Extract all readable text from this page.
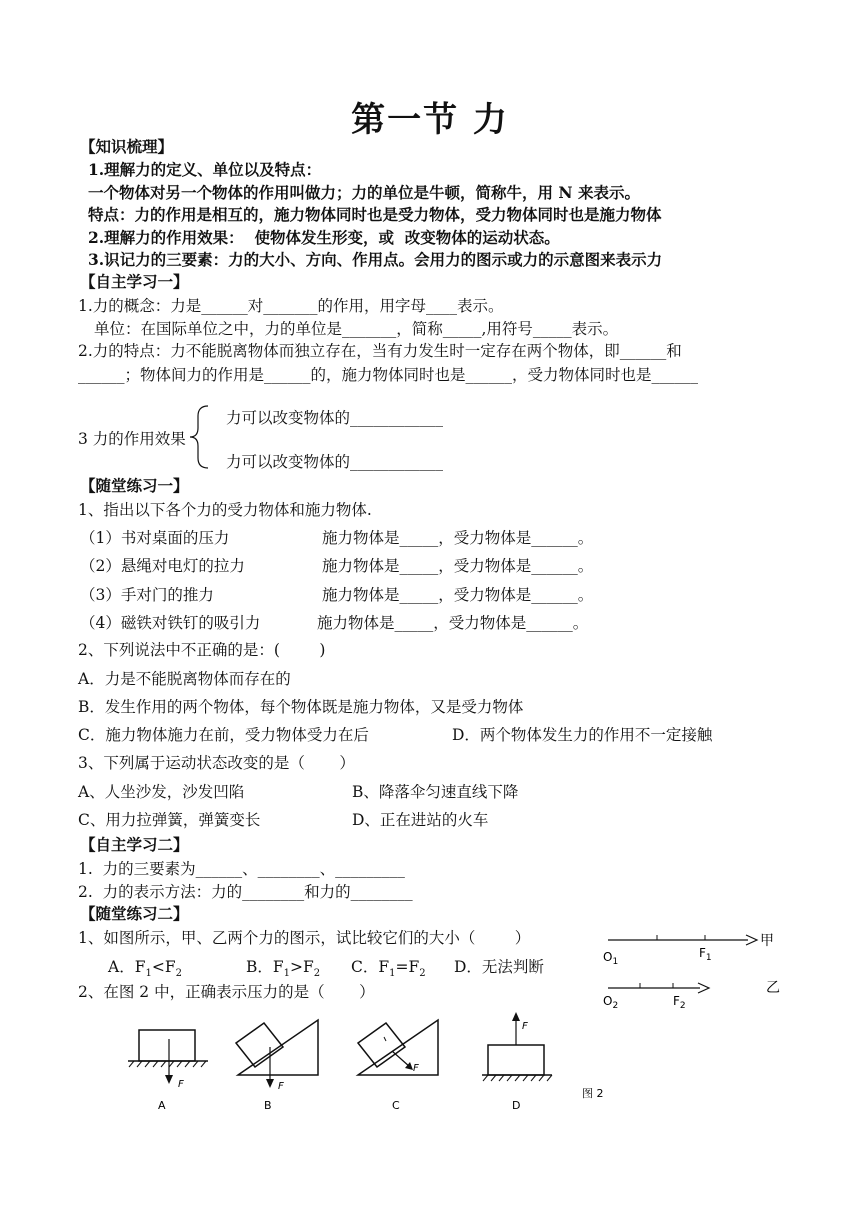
第一节 力
【知识梳理】
1.理解力的定义、单位以及特点：
一个物体对另一个物体的作用叫做力；力的单位是牛顿，简称牛，用 N 来表示。
特点：力的作用是相互的，施力物体同时也是受力物体，受力物体同时也是施力物体
2.理解力的作用效果：  使物体发生形变，或  改变物体的运动状态。
3.识记力的三要素：力的大小、方向、作用点。会用力的图示或力的示意图来表示力
【自主学习一】
1.力的概念：力是______对_______的作用，用字母____表示。
单位：在国际单位之中，力的单位是_______，简称_____,用符号_____表示。
2.力的特点：力不能脱离物体而独立存在，当有力发生时一定存在两个物体，即______和
______；物体间力的作用是______的，施力物体同时也是______，受力物体同时也是______
3 力的作用效果
力可以改变物体的____________
力可以改变物体的____________
【随堂练习一】
1、指出以下各个力的受力物体和施力物体.
（1）书对桌面的压力	施力物体是_____，受力物体是______。
（2）悬绳对电灯的拉力	施力物体是_____，受力物体是______。
（3）手对门的推力	施力物体是_____，受力物体是______。
（4）磁铁对铁钉的吸引力	施力物体是_____，受力物体是______。
2、下列说法中不正确的是：(        )
A．力是不能脱离物体而存在的
B．发生作用的两个物体，每个物体既是施力物体，又是受力物体
C．施力物体施力在前，受力物体受力在后	D．两个物体发生力的作用不一定接触
3、下列属于运动状态改变的是（       ）
A、人坐沙发，沙发凹陷	B、降落伞匀速直线下降
C、用力拉弹簧，弹簧变长	D、正在进站的火车
【自主学习二】
1.  力的三要素为______、________、_________
2.  力的表示方法：力的________和力的________
【随堂练习二】
1、如图所示，甲、乙两个力的图示，试比较它们的大小（        ）
A．$F_1<F_2$	B．$F_1>F_2$ C．$F_1=F_2$ D．无法判断
2、在图 2 中，正确表示压力的是（       ）
$O_1$
$F_1$
甲
$O_2$	$F_2$
乙
F
A
F
B
F
C
F
D
图 2
